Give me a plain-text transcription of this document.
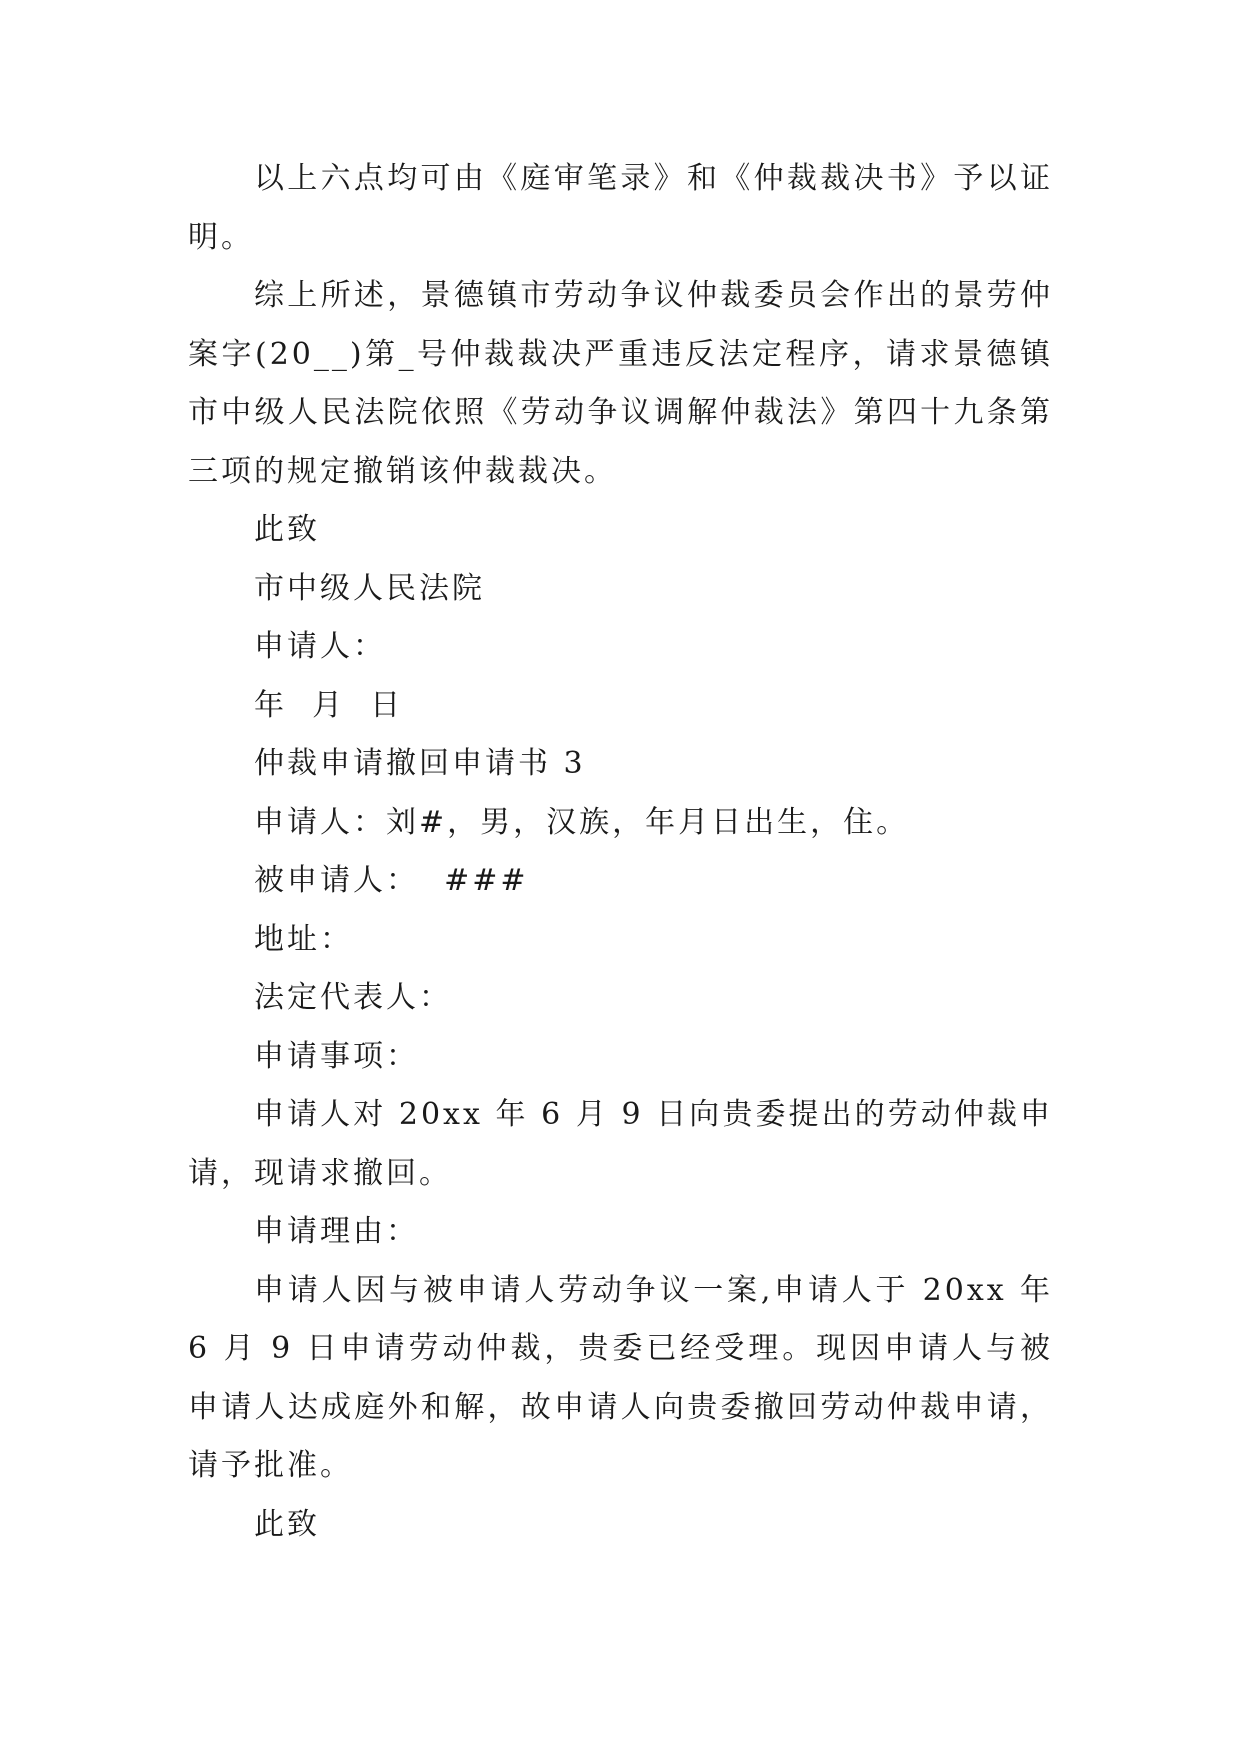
以上六点均可由《庭审笔录》和《仲裁裁决书》予以证明。

综上所述，景德镇市劳动争议仲裁委员会作出的景劳仲案字(20__)第_号仲裁裁决严重违反法定程序，请求景德镇市中级人民法院依照《劳动争议调解仲裁法》第四十九条第三项的规定撤销该仲裁裁决。

此致

市中级人民法院

申请人：

年  月  日

仲裁申请撤回申请书 3

申请人：刘#，男，汉族，年月日出生，住。

被申请人：  ###

地址：

法定代表人：

申请事项：

申请人对 20xx 年 6 月 9 日向贵委提出的劳动仲裁申请，现请求撤回。

申请理由：

申请人因与被申请人劳动争议一案,申请人于 20xx 年 6 月 9 日申请劳动仲裁，贵委已经受理。现因申请人与被申请人达成庭外和解，故申请人向贵委撤回劳动仲裁申请，请予批准。

此致
